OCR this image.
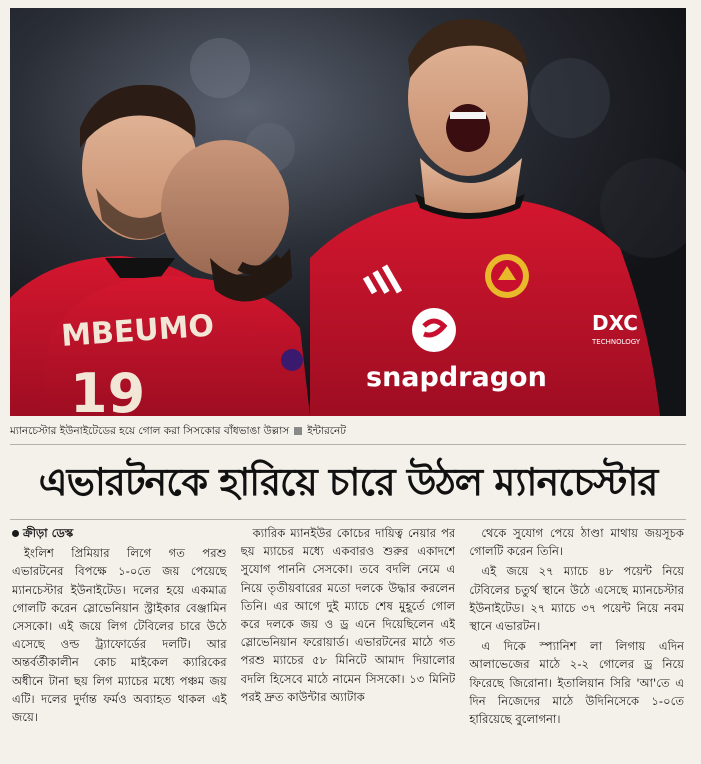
MBEUMO
19	snapdragon
DXC
TECHNOLOGY
ম্যানচেস্টার ইউনাইটেডের হয়ে গোল করা সিসকোর বাঁধভাঙা উল্লাস ইন্টারনেট
এভারটনকে হারিয়ে চারে উঠল ম্যানচেস্টার

ক্রীড়া ডেস্ক

ইংলিশ প্রিমিয়ার লিগে গত পরশু এভারটনের বিপক্ষে ১-০তে জয় পেয়েছে ম্যানচেস্টার ইউনাইটেড। দলের হয়ে একমাত্র গোলটি করেন স্লোভেনিয়ান স্ট্রাইকার বেঞ্জামিন সেসকো। এই জয়ে লিগ টেবিলের চারে উঠে এসেছে ওল্ড ট্র্যাফোর্ডের দলটি। আর অন্তর্বর্তীকালীন কোচ মাইকেল ক্যারিকের অধীনে টানা ছয় লিগ ম্যাচের মধ্যে পঞ্চম জয় এটি। দলের দুর্দান্ত ফর্মও অব্যাহত থাকল এই জয়ে।

ক্যারিক ম্যানইউর কোচের দায়িত্ব নেয়ার পর ছয় ম্যাচের মধ্যে একবারও শুরুর একাদশে সুযোগ পাননি সেসকো। তবে বদলি নেমে এ নিয়ে তৃতীয়বারের মতো দলকে উদ্ধার করলেন তিনি। এর আগে দুই ম্যাচে শেষ মুহূর্তে গোল করে দলকে জয় ও ড্র এনে দিয়েছিলেন এই স্লোভেনিয়ান ফরোয়ার্ড। এভারটনের মাঠে গত পরশু ম্যাচের ৫৮ মিনিটে আমাদ দিয়ালোর বদলি হিসেবে মাঠে নামেন সিসকো। ১৩ মিনিট পরই দ্রুত কাউন্টার অ্যাটাক

থেকে সুযোগ পেয়ে ঠাণ্ডা মাথায় জয়সূচক গোলটি করেন তিনি।

এই জয়ে ২৭ ম্যাচে ৪৮ পয়েন্ট নিয়ে টেবিলের চতুর্থ স্থানে উঠে এসেছে ম্যানচেস্টার ইউনাইটেড। ২৭ ম্যাচে ৩৭ পয়েন্ট নিয়ে নবম স্থানে এভারটন।

এ দিকে স্প্যানিশ লা লিগায় এদিন আলাভেজের মাঠে ২-২ গোলের ড্র নিয়ে ফিরেছে জিরোনা। ইতালিয়ান সিরি 'আ'তে এ দিন নিজেদের মাঠে উদিনিসেকে ১-০তে হারিয়েছে বুলোগনা।
